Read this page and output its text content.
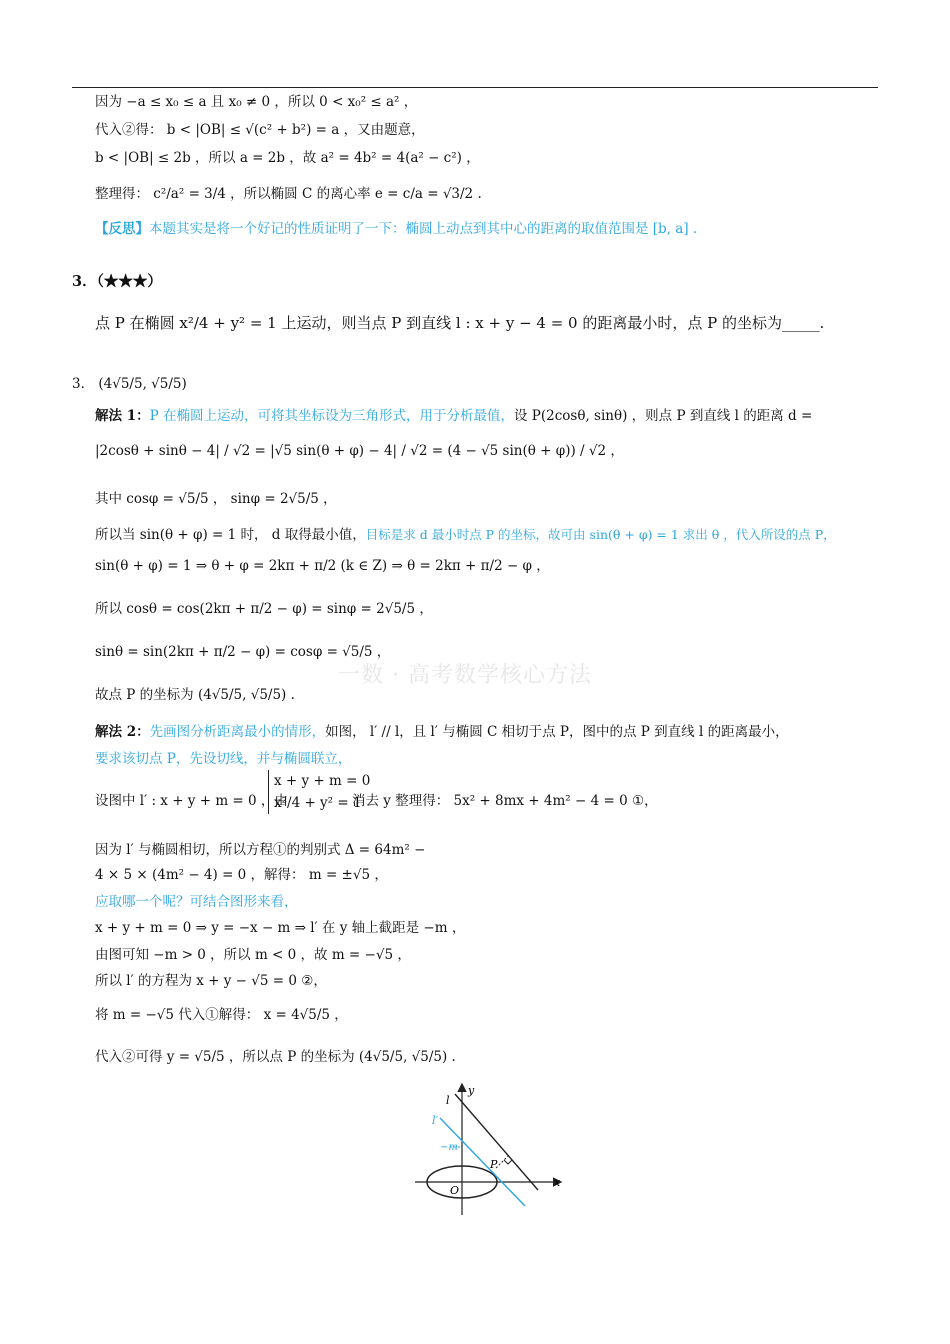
因为 −a ≤ x₀ ≤ a 且 x₀ ≠ 0 ，所以 0 < x₀² ≤ a² ，
代入②得： b < |OB| ≤ √(c² + b²) = a ，又由题意，
b < |OB| ≤ 2b ，所以 a = 2b ，故 a² = 4b² = 4(a² − c²) ，
整理得： c²/a² = 3/4 ，所以椭圆 C 的离心率 e = c/a = √3/2 .
【反思】本题其实是将一个好记的性质证明了一下：椭圆上动点到其中心的距离的取值范围是 [b, a] .
3．（★★★）
点 P 在椭圆 x²/4 + y² = 1 上运动，则当点 P 到直线 l : x + y − 4 = 0 的距离最小时，点 P 的坐标为_____.
3． (4√5/5, √5/5)
解法 1：P 在椭圆上运动，可将其坐标设为三角形式，用于分析最值，设 P(2cosθ, sinθ) ，则点 P 到直线 l 的距离 d =
|2cosθ + sinθ − 4| / √2 = |√5 sin(θ + φ) − 4| / √2 = (4 − √5 sin(θ + φ)) / √2 ，
其中 cosφ = √5/5 ， sinφ = 2√5/5 ，
所以当 sin(θ + φ) = 1 时， d 取得最小值，目标是求 d 最小时点 P 的坐标，故可由 sin(θ + φ) = 1 求出 θ ，代入所设的点 P，
sin(θ + φ) = 1 ⇒ θ + φ = 2kπ + π/2 (k ∈ Z) ⇒ θ = 2kπ + π/2 − φ ，
所以 cosθ = cos(2kπ + π/2 − φ) = sinφ = 2√5/5 ，
sinθ = sin(2kπ + π/2 − φ) = cosφ = √5/5 ，
故点 P 的坐标为 (4√5/5, √5/5) .
一数 · 高考数学核心方法
解法 2：先画图分析距离最小的情形，如图， l′ // l，且 l′ 与椭圆 C 相切于点 P，图中的点 P 到直线 l 的距离最小，
要求该切点 P，先设切线，并与椭圆联立，
设图中 l′ : x + y + m = 0 ，由
x + y + m = 0
x²/4 + y² = 1
消去 y 整理得： 5x² + 8mx + 4m² − 4 = 0 ①，
因为 l′ 与椭圆相切，所以方程①的判别式 Δ = 64m² −
4 × 5 × (4m² − 4) = 0 ，解得： m = ±√5 ，
应取哪一个呢？可结合图形来看，
x + y + m = 0 ⇒ y = −x − m ⇒ l′ 在 y 轴上截距是 −m ，
由图可知 −m > 0 ，所以 m < 0 ，故 m = −√5 ，
所以 l′ 的方程为 x + y − √5 = 0 ②，
将 m = −√5 代入①解得： x = 4√5/5 ，
代入②可得 y = √5/5 ，所以点 P 的坐标为 (4√5/5, √5/5) .
y
x
l
l′
−m
P
O
